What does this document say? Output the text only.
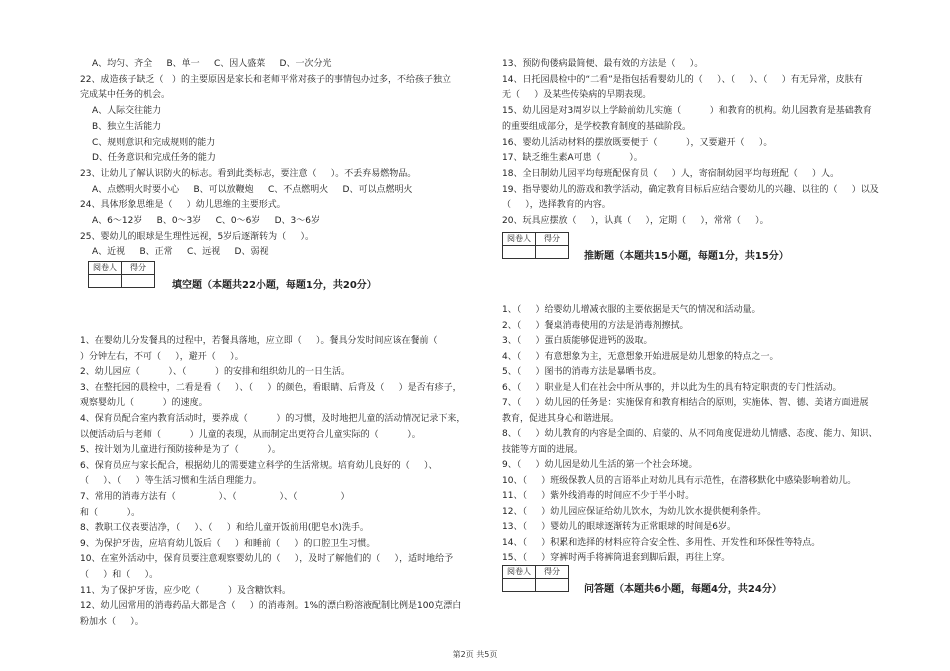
A、均匀、齐全     B、单一     C、因人盛菜     D、一次分光
22、成造孩子缺乏（   ）的主要原因是家长和老师平常对孩子的事情包办过多，不给孩子独立
完成某中任务的机会。
A、人际交往能力
B、独立生活能力
C、规则意识和完成规则的能力
D、任务意识和完成任务的能力
23、让幼儿了解认识防火的标志。看到此类标志，要注意（     ）。不丢弃易燃物品。
A、点燃明火时要小心     B、可以放鞭炮     C、不点燃明火     D、可以点燃明火
24、具体形象思维是（     ）幼儿思维的主要形式。
A、6～12岁     B、0～3岁     C、0～6岁     D、3～6岁
25、婴幼儿的眼球是生理性远视，5岁后逐渐转为（     ）。
A、近视     B、正常     C、远视     D、弱视

阅卷人	得分

填空题（本题共22小题，每题1分，共20分）

1、在婴幼儿分发餐具的过程中，若餐具落地，应立即（     ）。餐具分发时间应该在餐前（
）分钟左右，不可（     ），避开（     ）。
2、幼儿园应（          ）、（          ）的安排和组织幼儿的一日生活。
3、在整托园的晨检中，二看是看（     ）、（     ）的颜色，看眼睛、后背及（     ）是否有疹子，
观察婴幼儿（          ）的速度。
4、保育员配合室内教育活动时，要养成（          ）的习惯，及时地把儿童的活动情况记录下来，
以便活动后与老师（          ）儿童的表现，从而制定出更符合儿童实际的（          ）。
5、按计划为儿童进行预防接种是为了（          ）。
6、保育员应与家长配合，根据幼儿的需要建立科学的生活常规。培育幼儿良好的（     ）、
（     ）、（     ）等生活习惯和生活自理能力。
7、常用的消毒方法有（               ）、（               ）、（               ）
和（          ）。
8、教职工仪表要洁净，（     ）、（     ）和给儿童开饭前用(肥皂水)洗手。
9、为保护牙齿，应培育幼儿饭后（     ）和睡前（     ）的口腔卫生习惯。
10、在室外活动中，保育员要注意观察婴幼儿的（     ），及时了解他们的（     ），适时地给予
（     ）和（     ）。
11、为了保护牙齿，应少吃（          ）及含糖饮料。
12、幼儿园常用的消毒药品大都是含（     ）的消毒剂。1%的漂白粉溶液配制比例是100克漂白
粉加水（     ）。

13、预防佝偻病最简便、最有效的方法是（     ）。
14、日托园晨检中的“二看”是指包括看婴幼儿的（     ）、（     ）、（     ）有无异常，皮肤有
无（     ）及某些传染病的早期表现。
15、幼儿园是对3周岁以上学龄前幼儿实施（          ）和教育的机构。幼儿园教育是基础教育
的重要组成部分，是学校教育制度的基础阶段。
16、婴幼儿活动材料的摆放既要便于（          ），又要避开（     ）。
17、缺乏维生素A可患（          ）。
18、全日制幼儿园平均每班配保育员（     ）人，寄宿制幼园平均每班配（     ）人。
19、指导婴幼儿的游戏和教学活动，确定教育目标后应结合婴幼儿的兴趣、以往的（     ）以及
（     ），选择教育的内容。
20、玩具应摆放（     ），认真（     ），定期（     ），常常（     ）。

阅卷人	得分

推断题（本题共15小题，每题1分，共15分）

1、（     ）给婴幼儿增减衣服的主要依据是天气的情况和活动量。
2、（     ）餐桌消毒使用的方法是消毒剂擦拭。
3、（     ）蛋白质能够促进钙的汲取。
4、（     ）有意想象为主，无意想象开始进展是幼儿想象的特点之一。
5、（     ）图书的消毒方法是暴晒书皮。
6、（     ）职业是人们在社会中所从事的，并以此为生的具有特定职责的专门性活动。
7、（     ）幼儿园的任务是：实施保育和教育相结合的原则，实施体、智、德、美诸方面进展
教育，促进其身心和谐进展。
8、（     ）幼儿教育的内容是全面的、启蒙的、从不同角度促进幼儿情感、态度、能力、知识、
技能等方面的进展。
9、（     ）幼儿园是幼儿生活的第一个社会环境。
10、（     ）班级保教人员的言语举止对幼儿具有示范性，在潜移默化中感染影响着幼儿。
11、（     ）紫外线消毒的时间应不少于半小时。
12、（     ）幼儿园应保证给幼儿饮水，为幼儿饮水提供便利条件。
13、（     ）婴幼儿的眼球逐渐转为正常眼球的时间是6岁。
14、（     ）积累和选择的材料应符合安全性、多用性、开发性和环保性等特点。
15、（     ）穿裤时两手将裤筒退套到脚后跟，再往上穿。

阅卷人	得分

问答题（本题共6小题，每题4分，共24分）

第2页 共5页
